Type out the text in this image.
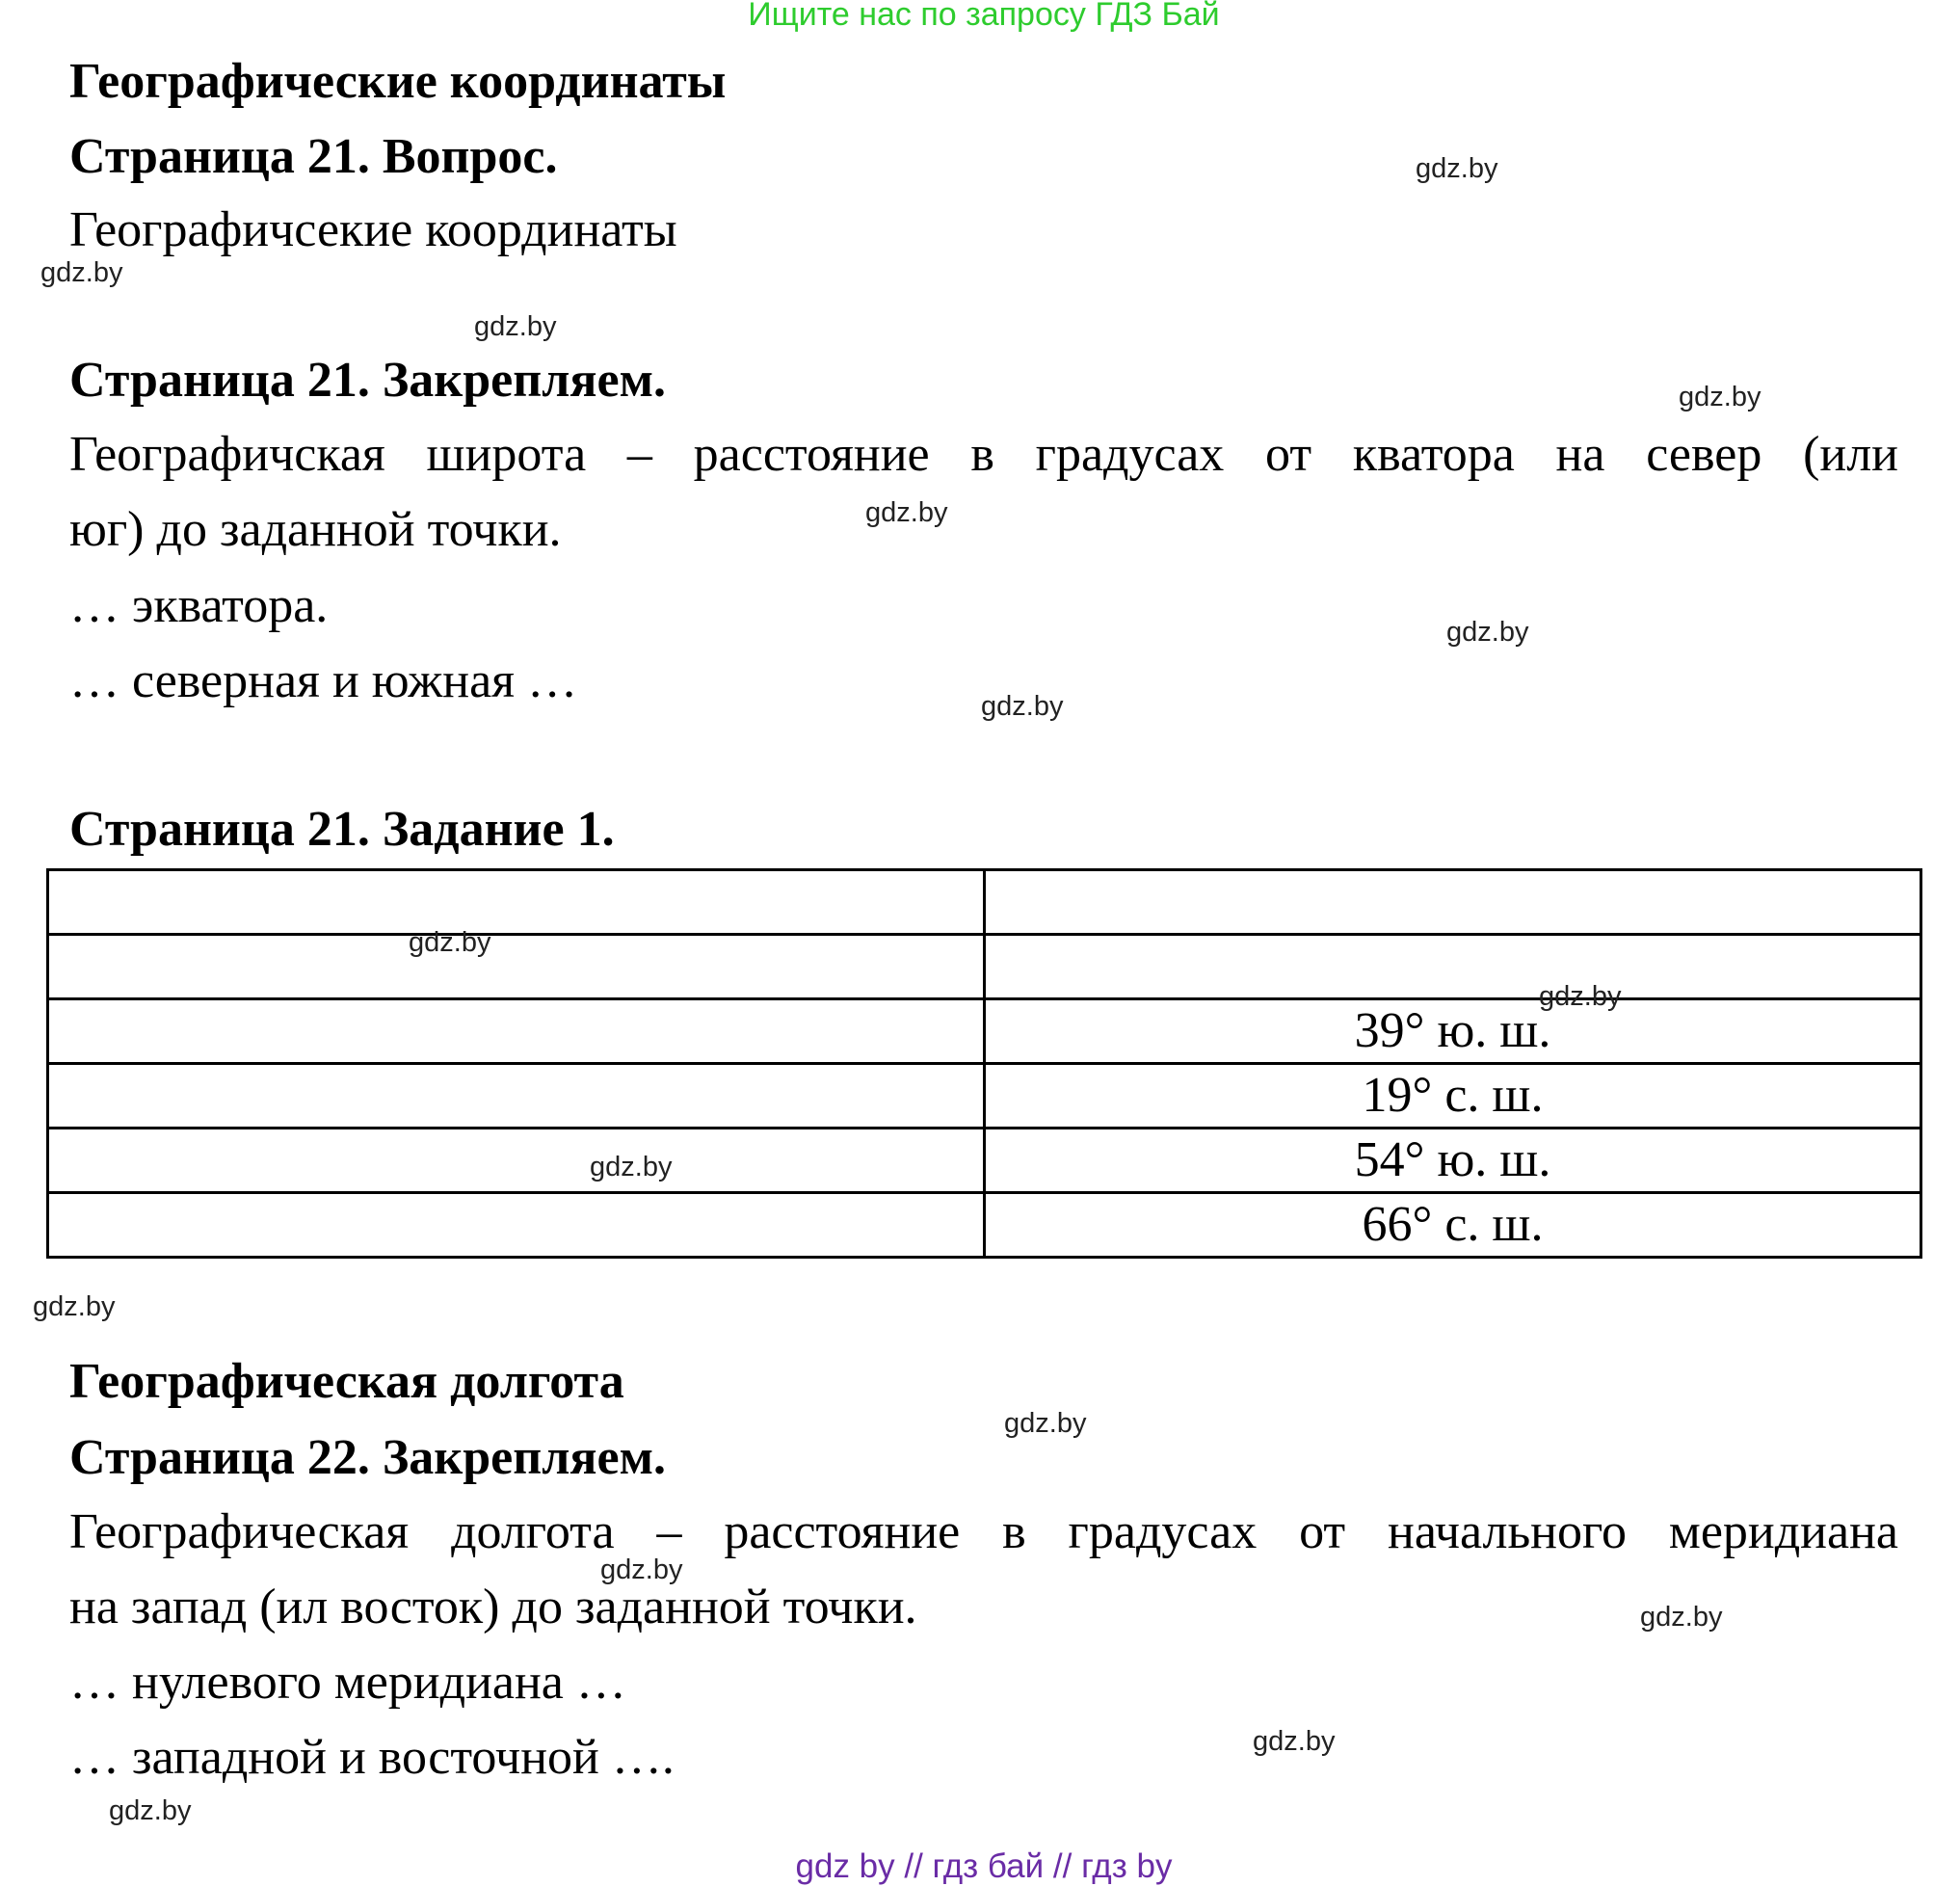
Ищите нас по запросу ГДЗ Бай
Географические координаты
Страница 21. Вопрос.
Географичсекие координаты
Страница 21. Закрепляем.
Географичская широта – расстояние в градусах от кватора на север (или
юг) до заданной точки.
… экватора.
… северная и южная …
Страница 21. Задание 1.

	39° ю. ш.
	19° с. ш.
	54° ю. ш.
	66° с. ш.
Географическая долгота
Страница 22. Закрепляем.
Географическая долгота – расстояние в градусах от начального меридиана
на запад (ил восток) до заданной точки.
… нулевого меридиана …
… западной и восточной ….
gdz.by
gdz.by
gdz.by
gdz.by
gdz.by
gdz.by
gdz.by
gdz.by
gdz.by
gdz.by
gdz.by
gdz.by
gdz.by
gdz.by
gdz.by
gdz.by
gdz by // гдз бай // гдз by
